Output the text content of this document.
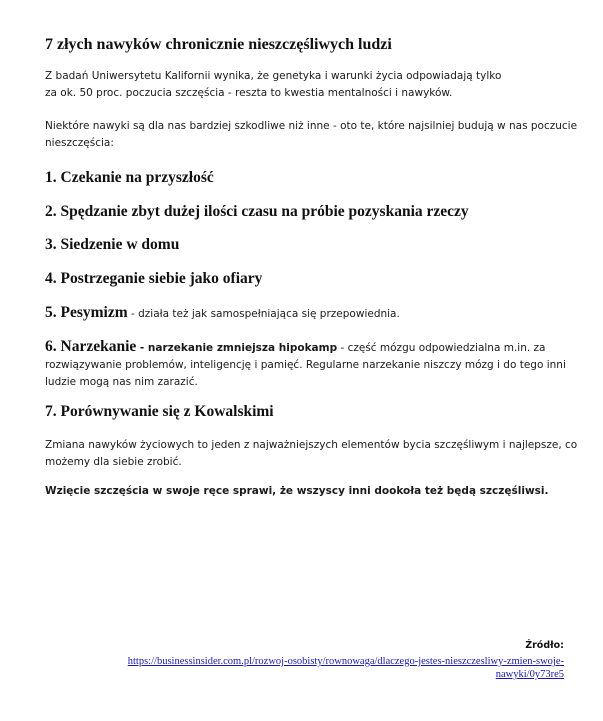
7 złych nawyków chronicznie nieszczęśliwych ludzi
Z badań Uniwersytetu Kalifornii wynika, że genetyka i warunki życia odpowiadają tylko
za ok. 50 proc. poczucia szczęścia - reszta to kwestia mentalności i nawyków.
Niektóre nawyki są dla nas bardziej szkodliwe niż inne - oto te, które najsilniej budują w nas poczucie
nieszczęścia:
1. Czekanie na przyszłość
2. Spędzanie zbyt dużej ilości czasu na próbie pozyskania rzeczy
3. Siedzenie w domu
4. Postrzeganie siebie jako ofiary
5. Pesymizm - działa też jak samospełniająca się przepowiednia.
6. Narzekanie - narzekanie zmniejsza hipokamp - część mózgu odpowiedzialna m.in. za
rozwiązywanie problemów, inteligencję i pamięć. Regularne narzekanie niszczy mózg i do tego inni
ludzie mogą nas nim zarazić.
7. Porównywanie się z Kowalskimi
Zmiana nawyków życiowych to jeden z najważniejszych elementów bycia szczęśliwym i najlepsze, co
możemy dla siebie zrobić.
Wzięcie szczęścia w swoje ręce sprawi, że wszyscy inni dookoła też będą szczęśliwsi.
Źródło:
https://businessinsider.com.pl/rozwoj-osobisty/rownowaga/dlaczego-jestes-nieszczesliwy-zmien-swoje-
nawyki/0y73re5
